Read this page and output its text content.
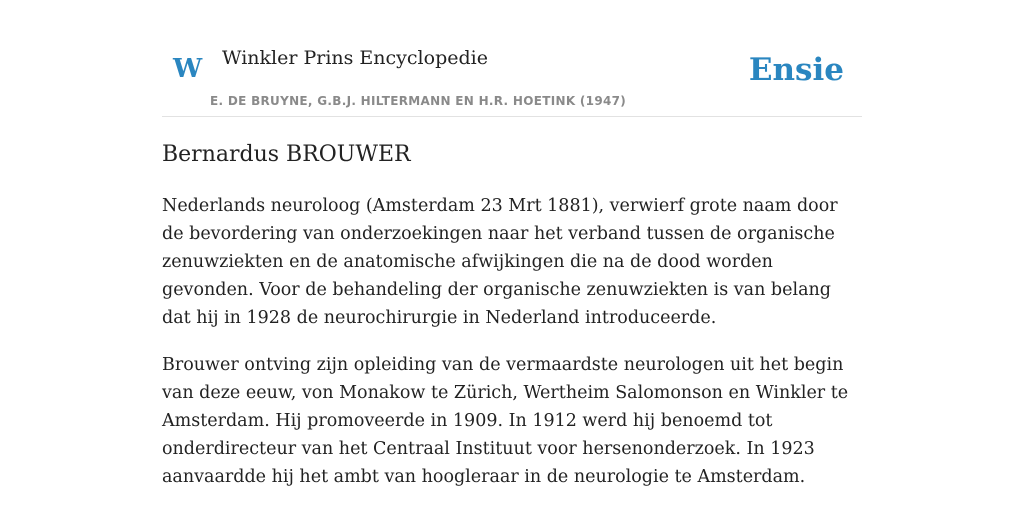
W Winkler Prins Encyclopedie
E. DE BRUYNE, G.B.J. HILTERMANN EN H.R. HOETINK (1947)
Ensie
Bernardus BROUWER

Nederlands neuroloog (Amsterdam 23 Mrt 1881), verwierf grote naam door de bevordering van onderzoekingen naar het verband tussen de organische zenuwziekten en de anatomische afwijkingen die na de dood worden gevonden. Voor de behandeling der organische zenuwziekten is van belang dat hij in 1928 de neurochirurgie in Nederland introduceerde.

Brouwer ontving zijn opleiding van de vermaardste neurologen uit het begin van deze eeuw, von Monakow te Zürich, Wertheim Salomonson en Winkler te Amsterdam. Hij promoveerde in 1909. In 1912 werd hij benoemd tot onderdirecteur van het Centraal Instituut voor hersenonderzoek. In 1923 aanvaardde hij het ambt van hoogleraar in de neurologie te Amsterdam.
